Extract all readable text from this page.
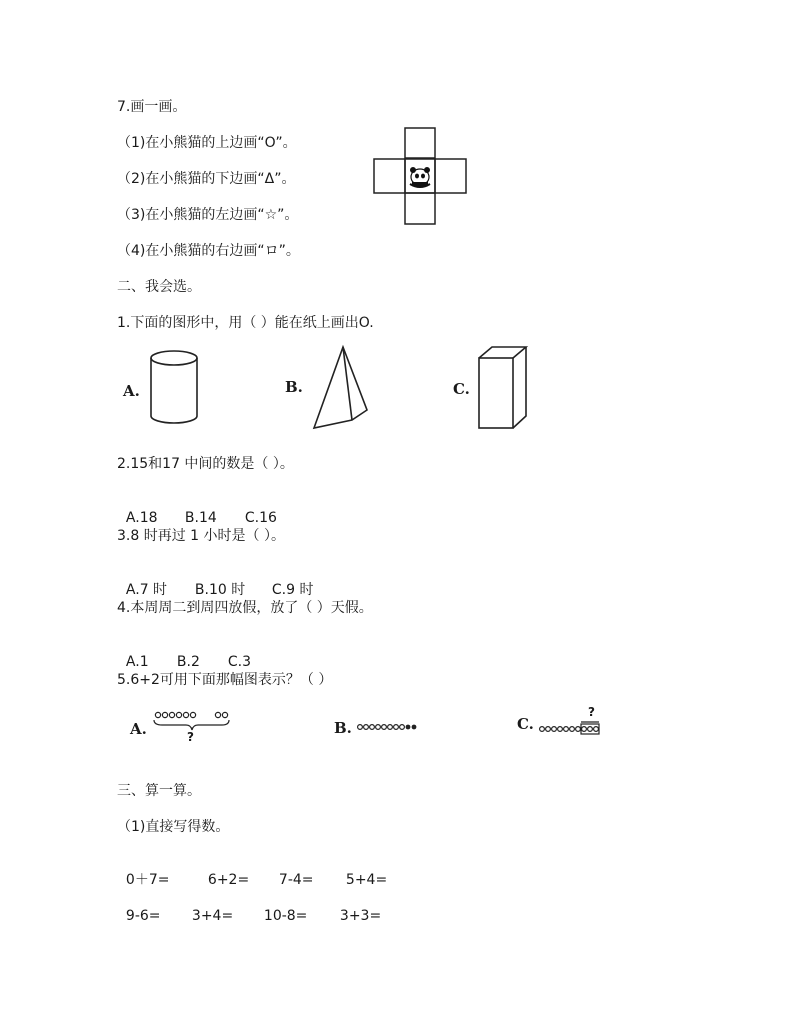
7.画一画。
（1)在小熊猫的上边画“O”。
（2)在小熊猫的下边画“Δ”。
（3)在小熊猫的左边画“☆”。
（4)在小熊猫的右边画“ロ”。
二、我会选。
1.下面的图形中，用（ ）能在纸上画出O.
A.	B.	C.
2.15和17 中间的数是（ ）。

A.18 B.14 C.16

3.8 时再过 1 小时是（ ）。

A.7 时 B.10 时 C.9 时

4.本周周二到周四放假，放了（ ）天假。

A.1 B.2 C.3

5.6+2可用下面那幅图表示？（ ）
A.	?	B.	C.
?
三、算一算。
（1)直接写得数。

0＋7=	6+2= 7-4= 5+4=

9-6= 3+4= 10-8= 3+3=
